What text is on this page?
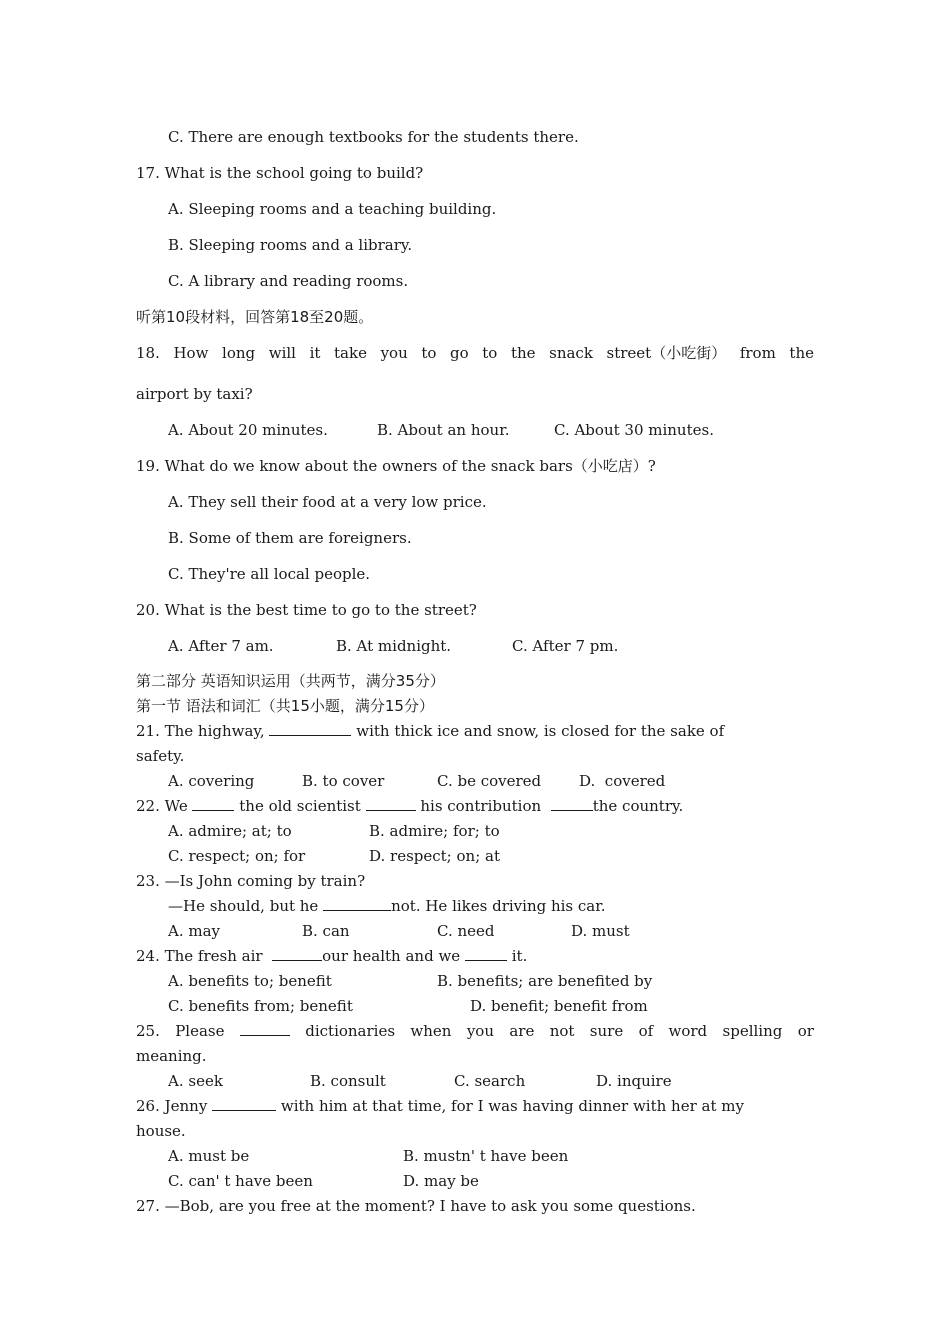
C. There are enough textbooks for the students there.
17. What is the school going to build?
A. Sleeping rooms and a teaching building.
B. Sleeping rooms and a library.
C. A library and reading rooms.
听第10段材料，回答第18至20题。
18. How long will it take you to go to the snack street（小吃街） from the
airport by taxi?
A. About 20 minutes.	B. About an hour.	C. About 30 minutes.
19. What do we know about the owners of the snack bars（小吃店）?
A. They sell their food at a very low price.
B. Some of them are foreigners.
C. They're all local people.
20. What is the best time to go to the street?
A. After 7 am.	B. At midnight.	C. After 7 pm.
第二部分 英语知识运用（共两节，满分35分）
第一节 语法和词汇（共15小题，满分15分）
21. The highway,	with thick ice and snow, is closed for the sake of
safety.
A. covering	B. to cover	C. be covered	D.  covered
22. We	the old scientist	his contribution	the country.
A. admire; at; to	B. admire; for; to
C. respect; on; for	D. respect; on; at
23. —Is John coming by train?
—He should, but he	not. He likes driving his car.
A. may	B. can	C. need	D. must
24. The fresh air	our health and we	it.
A. benefits to; benefit	B. benefits; are benefited by
C. benefits from; benefit	D. benefit; benefit from
25. Please	dictionaries when you are not sure of word spelling or
meaning.
A. seek	B. consult	C. search	D. inquire
26. Jenny	with him at that time, for I was having dinner with her at my
house.
A. must be	B. mustn' t have been
C. can' t have been	D. may be
27. —Bob, are you free at the moment? I have to ask you some questions.
